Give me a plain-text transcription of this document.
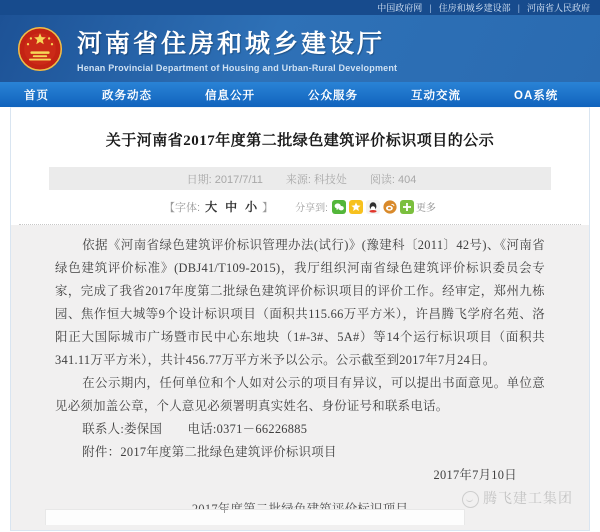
中国政府网 | 住房和城乡建设部 | 河南省人民政府
河南省住房和城乡建设厅
Henan Provincial Department of Housing and Urban-Rural Development
首页	政务动态	信息公开	公众服务	互动交流	OA系统
关于河南省2017年度第二批绿色建筑评价标识项目的公示
日期: 2017/7/11 来源: 科技处 阅读: 404
【字体: 大 中 小 】 分享到:	更多

依据《河南省绿色建筑评价标识管理办法(试行)》(豫建科〔2011〕42号)、《河南省绿色建筑评价标准》(DBJ41/T109-2015)，我厅组织河南省绿色建筑评价标识委员会专家，完成了我省2017年度第二批绿色建筑评价标识项目的评价工作。经审定，郑州九栋园、焦作恒大城等9个设计标识项目（面积共115.66万平方米），许昌腾飞学府名苑、洛阳正大国际城市广场暨市民中心东地块（1#-3#、5A#）等14个运行标识项目（面积共341.11万平方米），共计456.77万平方米予以公示。公示截至到2017年7月24日。

在公示期内，任何单位和个人如对公示的项目有异议，可以提出书面意见。单位意见必须加盖公章，个人意见必须署明真实姓名、身份证号和联系电话。

联系人:娄保国　　电话:0371－66226885
附件：2017年度第二批绿色建筑评价标识项目
2017年7月10日
腾飞建工集团
